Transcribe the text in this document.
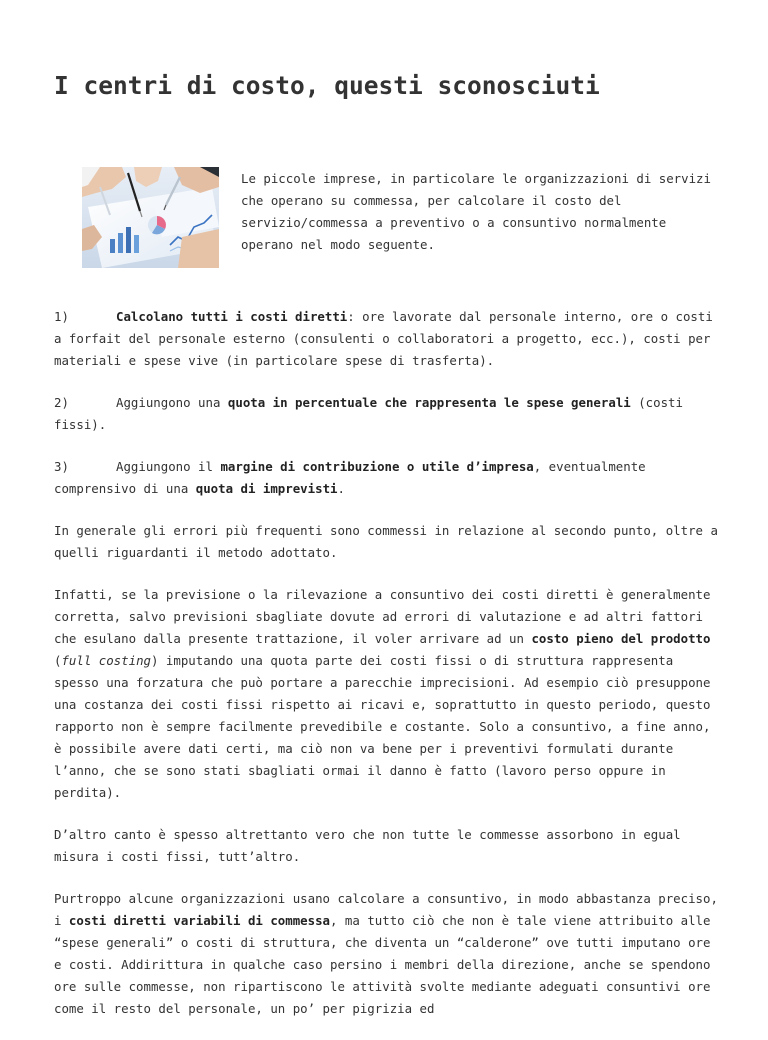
I centri di costo, questi sconosciuti

Le piccole imprese, in particolare le organizzazioni di servizi che operano su commessa, per calcolare il costo del servizio/commessa a preventivo o a consuntivo normalmente operano nel modo seguente.

1)	Calcolano tutti i costi diretti: ore lavorate dal personale interno, ore o costi a forfait del personale esterno (consulenti o collaboratori a progetto, ecc.), costi per materiali e spese vive (in particolare spese di trasferta).

2)	Aggiungono una quota in percentuale che rappresenta le spese generali (costi fissi).

3)	Aggiungono il margine di contribuzione o utile d’impresa, eventualmente comprensivo di una quota di imprevisti.

In generale gli errori più frequenti sono commessi in relazione al secondo punto, oltre a quelli riguardanti il metodo adottato.

Infatti, se la previsione o la rilevazione a consuntivo dei costi diretti è generalmente corretta, salvo previsioni sbagliate dovute ad errori di valutazione e ad altri fattori che esulano dalla presente trattazione, il voler arrivare ad un costo pieno del prodotto (full costing) imputando una quota parte dei costi fissi o di struttura rappresenta spesso una forzatura che può portare a parecchie imprecisioni. Ad esempio ciò presuppone una costanza dei costi fissi rispetto ai ricavi e, soprattutto in questo periodo, questo rapporto non è sempre facilmente prevedibile e costante. Solo a consuntivo, a fine anno, è possibile avere dati certi, ma ciò non va bene per i preventivi formulati durante l’anno, che se sono stati sbagliati ormai il danno è fatto (lavoro perso oppure in perdita).

D’altro canto è spesso altrettanto vero che non tutte le commesse assorbono in egual misura i costi fissi, tutt’altro.

Purtroppo alcune organizzazioni usano calcolare a consuntivo, in modo abbastanza preciso, i costi diretti variabili di commessa, ma tutto ciò che non è tale viene attribuito alle “spese generali” o costi di struttura, che diventa un “calderone” ove tutti imputano ore e costi. Addirittura in qualche caso persino i membri della direzione, anche se spendono ore sulle commesse, non ripartiscono le attività svolte mediante adeguati consuntivi ore come il resto del personale, un po’ per pigrizia ed
